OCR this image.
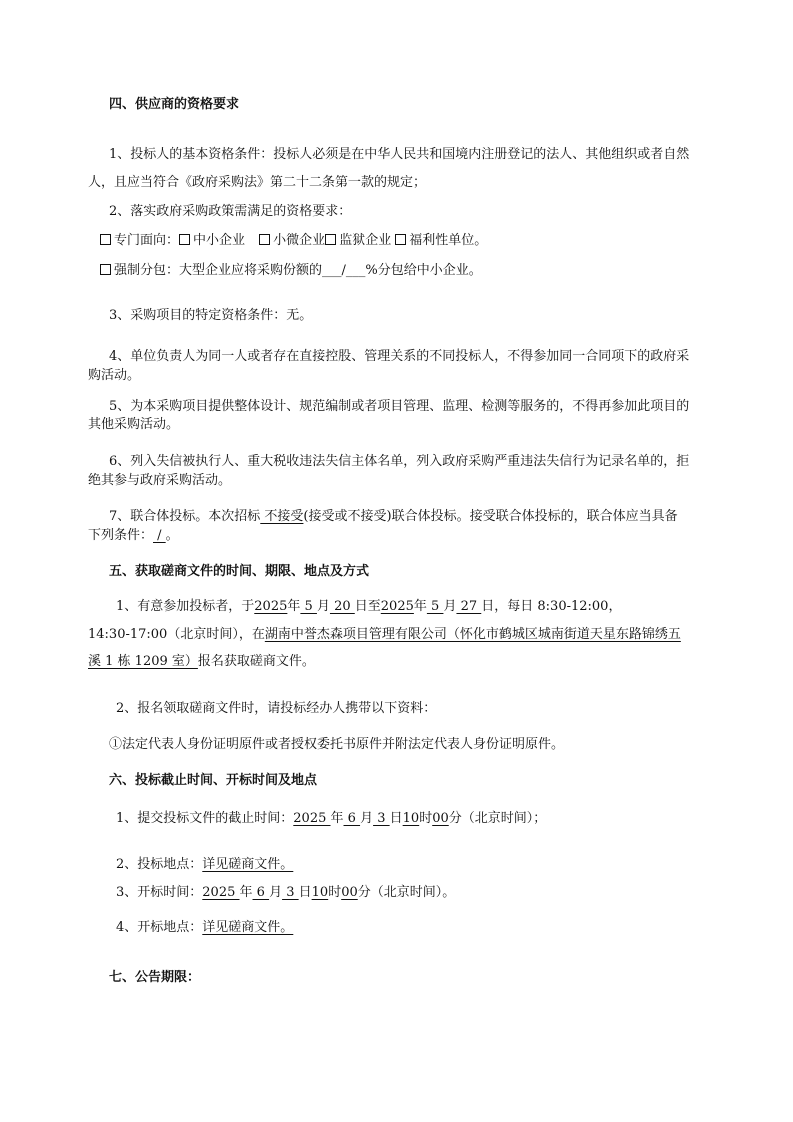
四、供应商的资格要求
1、投标人的基本资格条件：投标人必须是在中华人民共和国境内注册登记的法人、其他组织或者自然
人，且应当符合《政府采购法》第二十二条第一款的规定；
2、落实政府采购政策需满足的资格要求：
专门面向： 中小企业 小微企业 监狱企业 福利性单位。
强制分包：大型企业应将采购份额的___/___%分包给中小企业。
3、采购项目的特定资格条件：无。
4、单位负责人为同一人或者存在直接控股、管理关系的不同投标人，不得参加同一合同项下的政府采
购活动。
5、为本采购项目提供整体设计、规范编制或者项目管理、监理、检测等服务的，不得再参加此项目的
其他采购活动。
6、列入失信被执行人、重大税收违法失信主体名单，列入政府采购严重违法失信行为记录名单的，拒
绝其参与政府采购活动。
7、联合体投标。本次招标 不接受(接受或不接受)联合体投标。接受联合体投标的，联合体应当具备
下列条件： / 。
五、获取磋商文件的时间、期限、地点及方式
1、有意参加投标者，于2025年 5 月 20 日至2025年 5 月 27 日，每日 8:30-12:00，
14:30-17:00（北京时间），在湖南中誉杰森项目管理有限公司（怀化市鹤城区城南街道天星东路锦绣五
溪 1 栋 1209 室）报名获取磋商文件。
2、报名领取磋商文件时，请投标经办人携带以下资料：
①法定代表人身份证明原件或者授权委托书原件并附法定代表人身份证明原件。
六、投标截止时间、开标时间及地点
1、提交投标文件的截止时间：2025 年 6 月 3 日10时00分（北京时间）；
2、投标地点：详见磋商文件。
3、开标时间：2025 年 6 月 3 日10时00分（北京时间）。
4、开标地点：详见磋商文件。
七、公告期限：
